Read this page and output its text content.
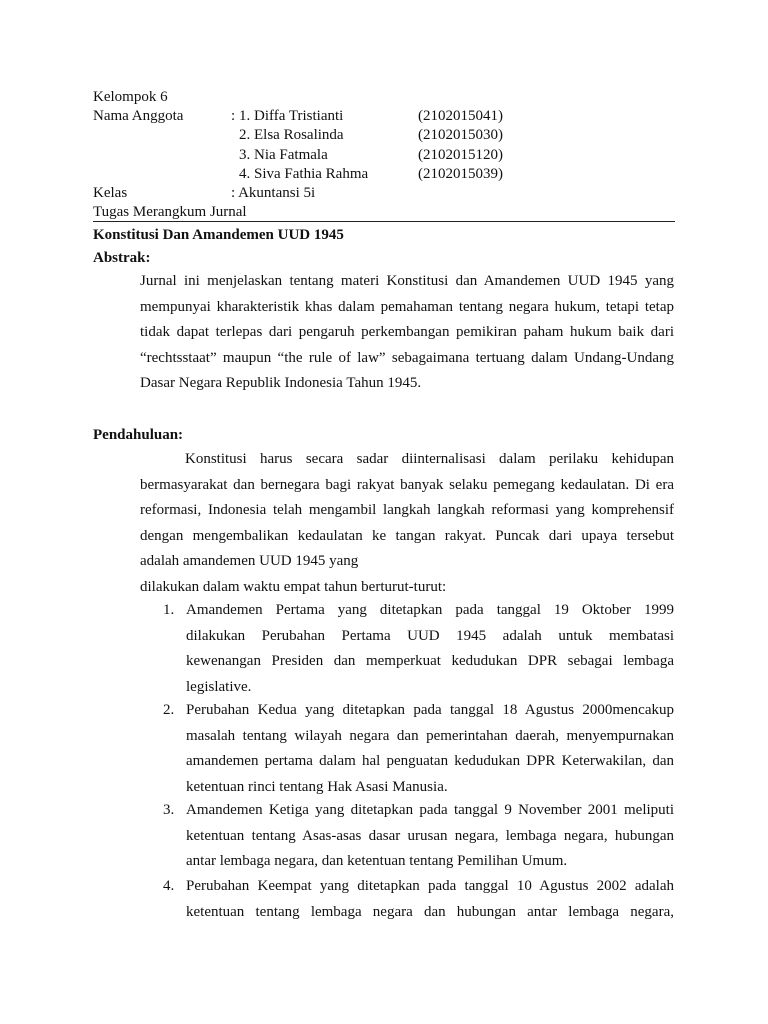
Kelompok 6
Nama Anggota	: 1. Diffa Tristianti	(2102015041)
2. Elsa Rosalinda	(2102015030)
3. Nia Fatmala	(2102015120)
4. Siva Fathia Rahma	(2102015039)
Kelas	: Akuntansi 5i
Tugas Merangkum Jurnal
Konstitusi Dan Amandemen UUD 1945
Abstrak:
Jurnal ini menjelaskan tentang materi Konstitusi dan Amandemen UUD 1945 yang
mempunyai kharakteristik khas dalam pemahaman tentang negara hukum, tetapi tetap
tidak dapat terlepas dari pengaruh perkembangan pemikiran paham hukum baik dari
“rechtsstaat” maupun “the rule of law” sebagaimana tertuang dalam Undang-Undang
Dasar Negara Republik Indonesia Tahun 1945.
Pendahuluan:
Konstitusi harus secara sadar diinternalisasi dalam perilaku kehidupan
bermasyarakat dan bernegara bagi rakyat banyak selaku pemegang kedaulatan. Di era
reformasi, Indonesia telah mengambil langkah langkah reformasi yang komprehensif
dengan mengembalikan kedaulatan ke tangan rakyat. Puncak dari upaya tersebut
adalah amandemen UUD 1945 yang
dilakukan dalam waktu empat tahun berturut-turut:
1. Amandemen Pertama yang ditetapkan pada tanggal 19 Oktober 1999
dilakukan Perubahan Pertama UUD 1945 adalah untuk membatasi
kewenangan Presiden dan memperkuat kedudukan DPR sebagai lembaga
legislative.
2. Perubahan Kedua yang ditetapkan pada tanggal 18 Agustus 2000mencakup
masalah tentang wilayah negara dan pemerintahan daerah, menyempurnakan
amandemen pertama dalam hal penguatan kedudukan DPR Keterwakilan, dan
ketentuan rinci tentang Hak Asasi Manusia.
3. Amandemen Ketiga yang ditetapkan pada tanggal 9 November 2001 meliputi
ketentuan tentang Asas-asas dasar urusan negara, lembaga negara, hubungan
antar lembaga negara, dan ketentuan tentang Pemilihan Umum.
4. Perubahan Keempat yang ditetapkan pada tanggal 10 Agustus 2002 adalah
ketentuan tentang lembaga negara dan hubungan antar lembaga negara,
